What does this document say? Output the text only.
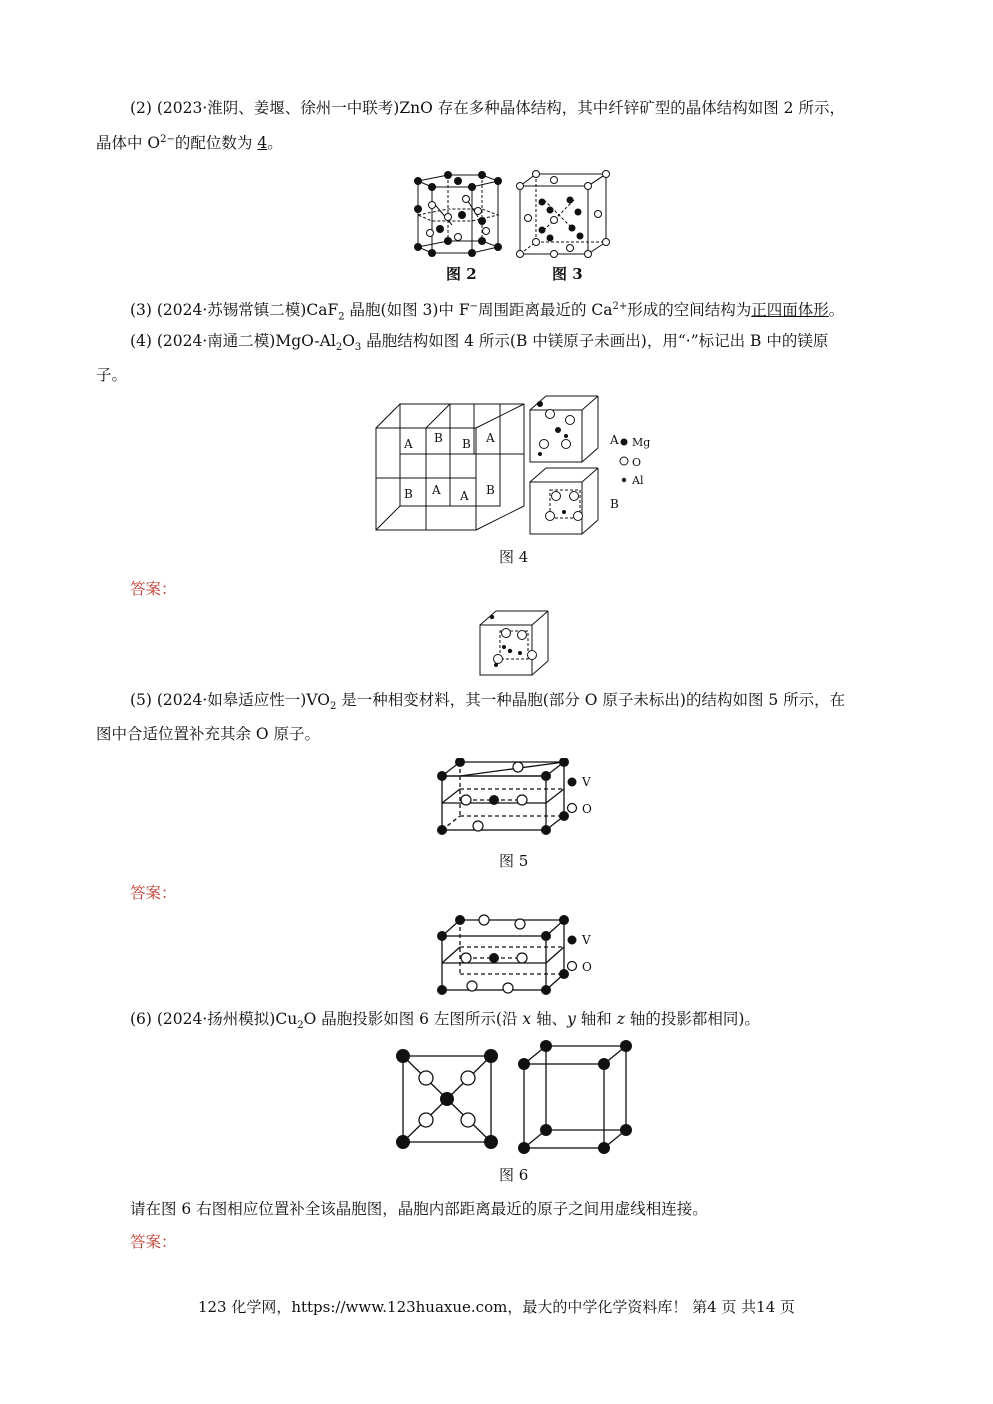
(2) (2023·淮阴、姜堰、徐州一中联考)ZnO 存在多种晶体结构，其中纤锌矿型的晶体结构如图 2 所示，
晶体中 $O^{2-}$的配位数为 4。
图 2	图 3
(3) (2024·苏锡常镇二模)CaF$_2$ 晶胞(如图 3)中 F−周围距离最近的 $Ca^{2+}$形成的空间结构为正四面体形。
(4) (2024·南通二模)$MgO-Al_2O_3$ 晶胞结构如图 4 所示(B 中镁原子未画出)，用“·”标记出 B 中的镁原
子。
A B B A
B A A B
A
B
Mg
O
Al
图 4
答案：
(5) (2024·如皋适应性一)$VO_2$ 是一种相变材料，其一种晶胞(部分 O 原子未标出)的结构如图 5 所示，在
图中合适位置补充其余 O 原子。
V
O
图 5
答案：
V
O
(6) (2024·扬州模拟)$Cu_2O$ 晶胞投影如图 6 左图所示(沿 x 轴、y 轴和 z 轴的投影都相同)。
图 6
请在图 6 右图相应位置补全该晶胞图，晶胞内部距离最近的原子之间用虚线相连接。
答案：
123 化学网，https://www.123huaxue.com，最大的中学化学资料库！ 第4 页 共14 页
